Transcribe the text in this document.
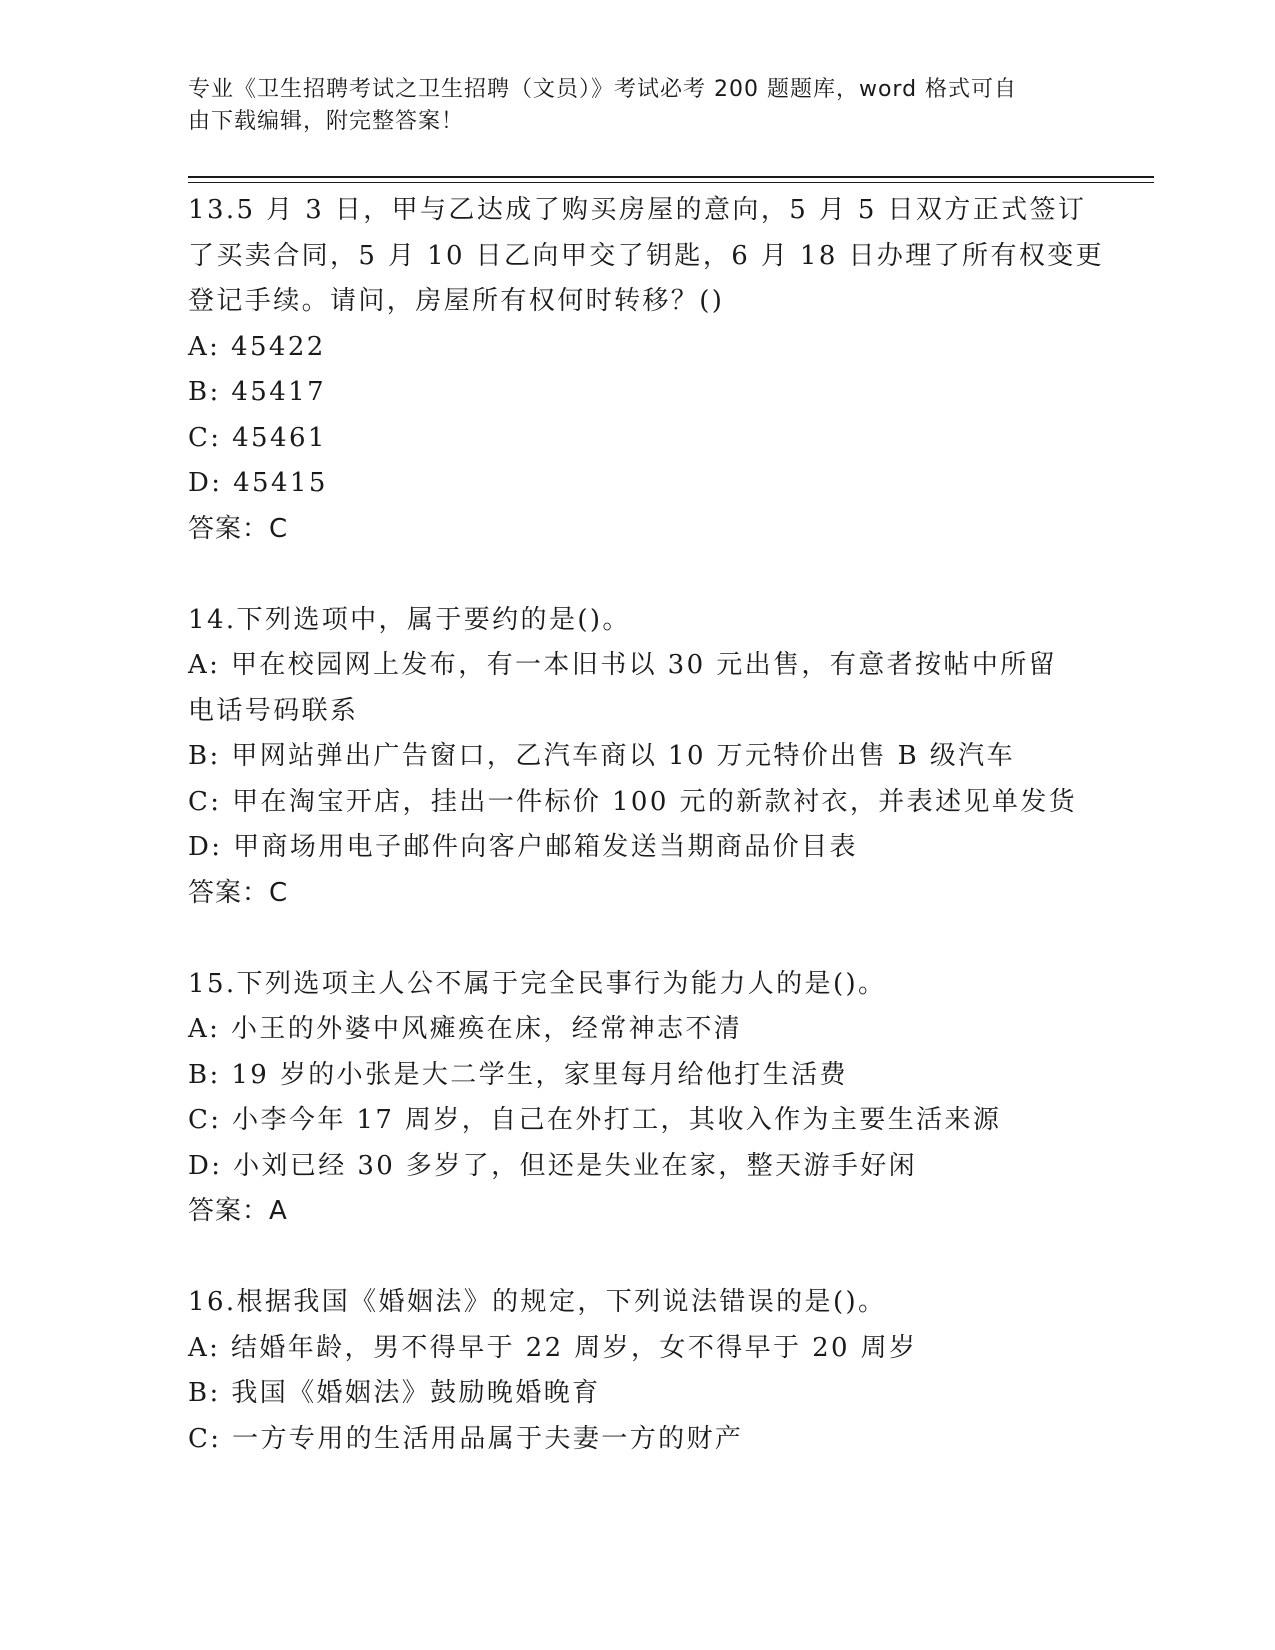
专业《卫生招聘考试之卫生招聘（文员）》考试必考 200 题题库，word 格式可自
由下载编辑，附完整答案！

13.5 月 3 日，甲与乙达成了购买房屋的意向，5 月 5 日双方正式签订

了买卖合同，5 月 10 日乙向甲交了钥匙，6 月 18 日办理了所有权变更

登记手续。请问，房屋所有权何时转移？()

A: 45422

B: 45417

C: 45461

D: 45415

答案：C

14.下列选项中，属于要约的是()。

A: 甲在校园网上发布，有一本旧书以 30 元出售，有意者按帖中所留

电话号码联系

B: 甲网站弹出广告窗口，乙汽车商以 10 万元特价出售 B 级汽车

C: 甲在淘宝开店，挂出一件标价 100 元的新款衬衣，并表述见单发货

D: 甲商场用电子邮件向客户邮箱发送当期商品价目表

答案：C

15.下列选项主人公不属于完全民事行为能力人的是()。

A: 小王的外婆中风瘫痪在床，经常神志不清

B: 19 岁的小张是大二学生，家里每月给他打生活费

C: 小李今年 17 周岁，自己在外打工，其收入作为主要生活来源

D: 小刘已经 30 多岁了，但还是失业在家，整天游手好闲

答案：A

16.根据我国《婚姻法》的规定，下列说法错误的是()。

A: 结婚年龄，男不得早于 22 周岁，女不得早于 20 周岁

B: 我国《婚姻法》鼓励晚婚晚育

C: 一方专用的生活用品属于夫妻一方的财产
